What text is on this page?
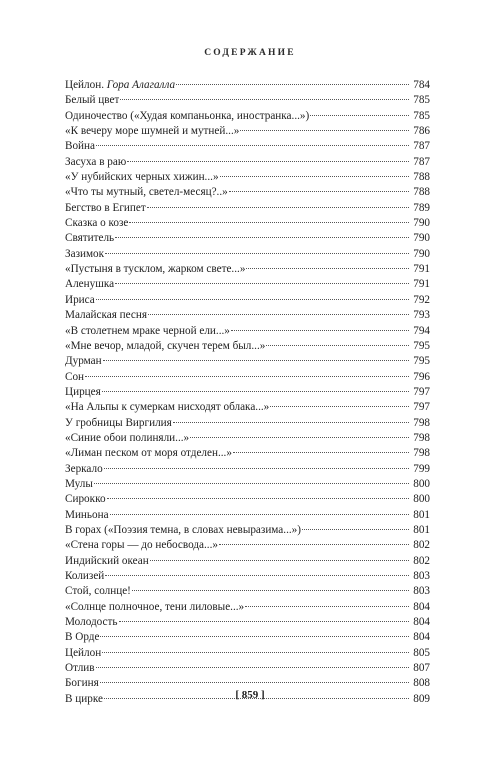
СОДЕРЖАНИЕ
Цейлон. Гора Алагалла	784
Белый цвет	785
Одиночество («Худая компаньонка, иностранка...»)	785
«К вечеру море шумней и мутней...»	786
Война	787
Засуха в раю	787
«У нубийских черных хижин...»	788
«Что ты мутный, светел-месяц?..»	788
Бегство в Египет	789
Сказка о козе	790
Святитель	790
Зазимок	790
«Пустыня в тусклом, жарком свете...»	791
Аленушка	791
Ириса	792
Малайская песня	793
«В столетнем мраке черной ели...»	794
«Мне вечор, младой, скучен терем был...»	795
Дурман	795
Сон	796
Цирцея	797
«На Альпы к сумеркам нисходят облака...»	797
У гробницы Виргилия	798
«Синие обои полиняли...»	798
«Лиман песком от моря отделен...»	798
Зеркало	799
Мулы	800
Сирокко	800
Миньона	801
В горах («Поэзия темна, в словах невыразима...»)	801
«Стена горы — до небосвода...»	802
Индийский океан	802
Колизей	803
Стой, солнце!	803
«Солнце полночное, тени лиловые...»	804
Молодость	804
В Орде	804
Цейлон	805
Отлив	807
Богиня	808
В цирке	809
[ 859 ]
